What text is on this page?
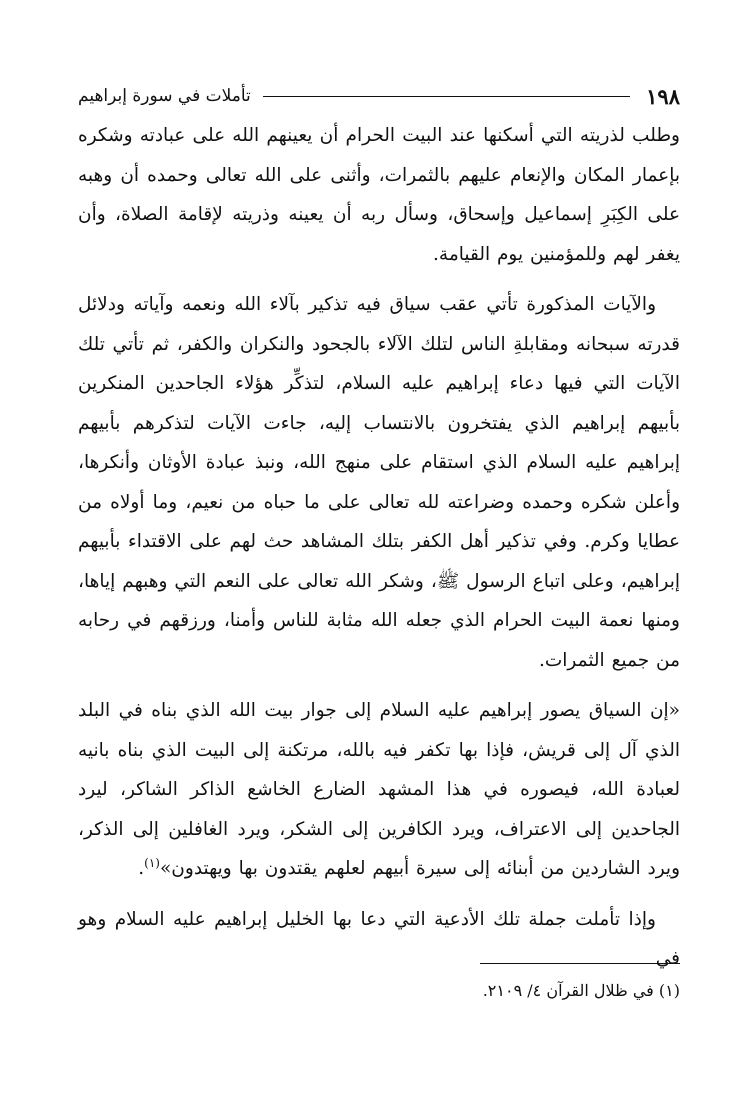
١٩٨
تأملات في سورة إبراهيم

وطلب لذريته التي أسكنها عند البيت الحرام أن يعينهم الله على عبادته وشكره بإعمار المكان والإنعام عليهم بالثمرات، وأثنى على الله تعالى وحمده أن وهبه على الكِبَرِ إسماعيل وإسحاق، وسأل ربه أن يعينه وذريته لإقامة الصلاة، وأن يغفر لهم وللمؤمنين يوم القيامة.

والآيات المذكورة تأتي عقب سياق فيه تذكير بآلاء الله ونعمه وآياته ودلائل قدرته سبحانه ومقابلةِ الناس لتلك الآلاء بالجحود والنكران والكفر، ثم تأتي تلك الآيات التي فيها دعاء إبراهيم عليه السلام، لتذكِّر هؤلاء الجاحدين المنكرين بأبيهم إبراهيم الذي يفتخرون بالانتساب إليه، جاءت الآيات لتذكرهم بأبيهم إبراهيم عليه السلام الذي استقام على منهج الله، ونبذ عبادة الأوثان وأنكرها، وأعلن شكره وحمده وضراعته لله تعالى على ما حباه من نعيم، وما أولاه من عطايا وكرم. وفي تذكير أهل الكفر بتلك المشاهد حث لهم على الاقتداء بأبيهم إبراهيم، وعلى اتباع الرسول ﷺ، وشكر الله تعالى على النعم التي وهبهم إياها، ومنها نعمة البيت الحرام الذي جعله الله مثابة للناس وأمنا، ورزقهم في رحابه من جميع الثمرات.

«إن السياق يصور إبراهيم عليه السلام إلى جوار بيت الله الذي بناه في البلد الذي آل إلى قريش، فإذا بها تكفر فيه بالله، مرتكنة إلى البيت الذي بناه بانيه لعبادة الله، فيصوره في هذا المشهد الضارع الخاشع الذاكر الشاكر، ليرد الجاحدين إلى الاعتراف، ويرد الكافرين إلى الشكر، ويرد الغافلين إلى الذكر، ويرد الشاردين من أبنائه إلى سيرة أبيهم لعلهم يقتدون بها ويهتدون»$^{(١)}$.

وإذا تأملت جملة تلك الأدعية التي دعا بها الخليل إبراهيم عليه السلام وهو في

(١) في ظلال القرآن ٤/ ٢١٠٩.
